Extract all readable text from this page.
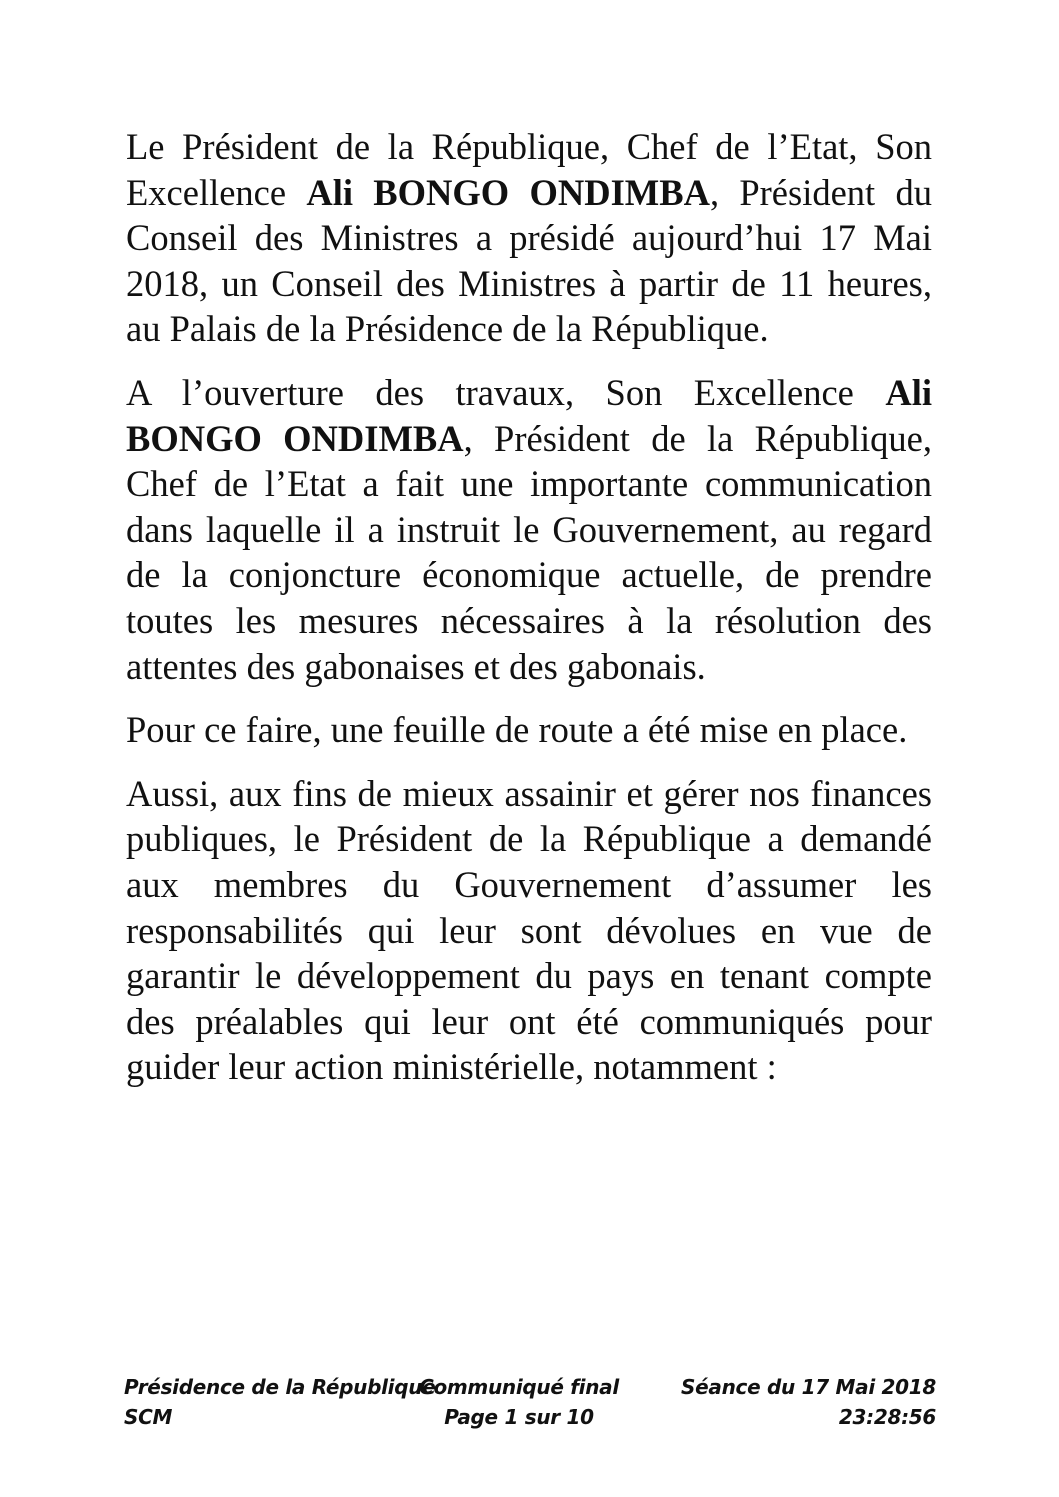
Le Président de la République, Chef de l’Etat, Son Excellence Ali BONGO ONDIMBA, Président du Conseil des Ministres a présidé aujourd’hui 17 Mai 2018, un Conseil des Ministres à partir de 11 heures, au Palais de la Présidence de la République.

A l’ouverture des travaux, Son Excellence Ali BONGO ONDIMBA, Président de la République, Chef de l’Etat a fait une importante communication dans laquelle il a instruit le Gouvernement, au regard de la conjoncture économique actuelle, de prendre toutes les mesures nécessaires à la résolution des attentes des gabonaises et des gabonais.

Pour ce faire, une feuille de route a été mise en place.

Aussi, aux fins de mieux assainir et gérer nos finances publiques, le Président de la République a demandé aux membres du Gouvernement d’assumer les responsabilités qui leur sont dévolues en vue de garantir le développement du pays en tenant compte des préalables qui leur ont été communiqués pour guider leur action ministérielle, notamment :

Présidence de la République
SCM
Communiqué final
Page 1 sur 10
Séance du 17 Mai 2018
23:28:56
